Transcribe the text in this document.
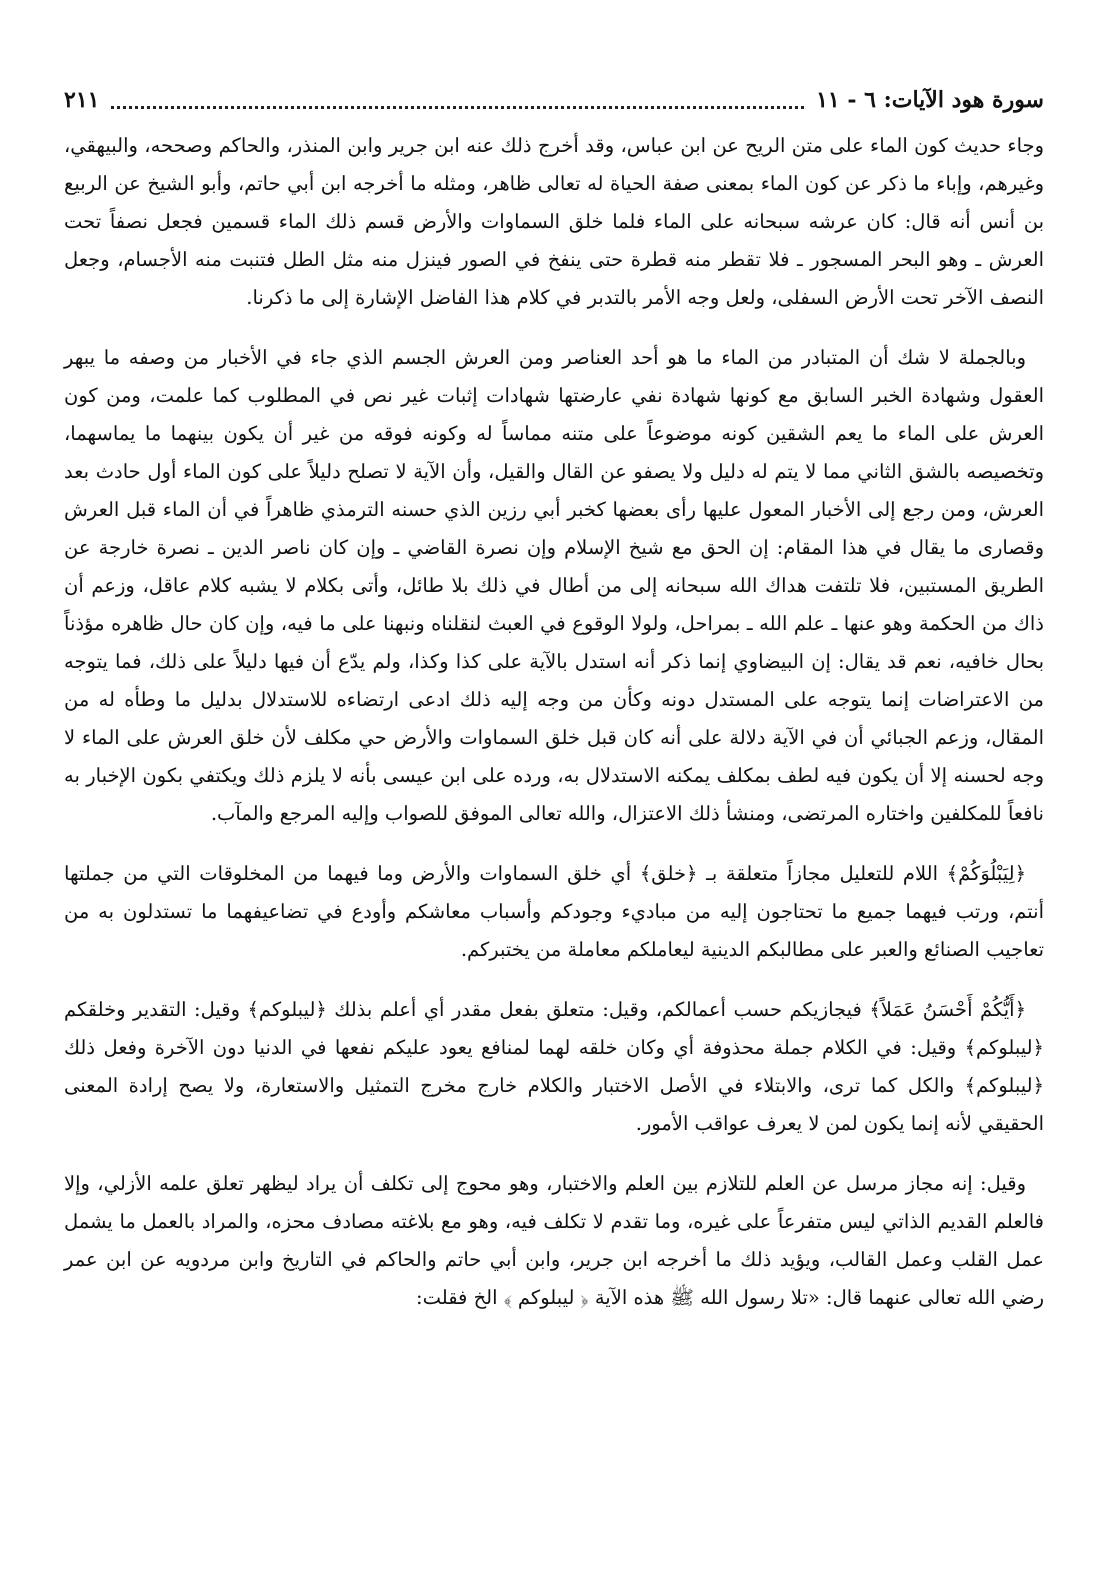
سورة هود الآيات: ٦ - ١١
٢١١

وجاء حديث كون الماء على متن الريح عن ابن عباس، وقد أخرج ذلك عنه ابن جرير وابن المنذر، والحاكم وصححه، والبيهقي، وغيرهم، وإباء ما ذكر عن كون الماء بمعنى صفة الحياة له تعالى ظاهر، ومثله ما أخرجه ابن أبي حاتم، وأبو الشيخ عن الربيع بن أنس أنه قال: كان عرشه سبحانه على الماء فلما خلق السماوات والأرض قسم ذلك الماء قسمين فجعل نصفاً تحت العرش ـ وهو البحر المسجور ـ فلا تقطر منه قطرة حتى ينفخ في الصور فينزل منه مثل الطل فتنبت منه الأجسام، وجعل النصف الآخر تحت الأرض السفلى، ولعل وجه الأمر بالتدبر في كلام هذا الفاضل الإشارة إلى ما ذكرنا.

وبالجملة لا شك أن المتبادر من الماء ما هو أحد العناصر ومن العرش الجسم الذي جاء في الأخبار من وصفه ما يبهر العقول وشهادة الخبر السابق مع كونها شهادة نفي عارضتها شهادات إثبات غير نص في المطلوب كما علمت، ومن كون العرش على الماء ما يعم الشقين كونه موضوعاً على متنه مماساً له وكونه فوقه من غير أن يكون بينهما ما يماسهما، وتخصيصه بالشق الثاني مما لا يتم له دليل ولا يصفو عن القال والقيل، وأن الآية لا تصلح دليلاً على كون الماء أول حادث بعد العرش، ومن رجع إلى الأخبار المعول عليها رأى بعضها كخبر أبي رزين الذي حسنه الترمذي ظاهراً في أن الماء قبل العرش وقصارى ما يقال في هذا المقام: إن الحق مع شيخ الإسلام وإن نصرة القاضي ـ وإن كان ناصر الدين ـ نصرة خارجة عن الطريق المستبين، فلا تلتفت هداك الله سبحانه إلى من أطال في ذلك بلا طائل، وأتى بكلام لا يشبه كلام عاقل، وزعم أن ذاك من الحكمة وهو عنها ـ علم الله ـ بمراحل، ولولا الوقوع في العبث لنقلناه ونبهنا على ما فيه، وإن كان حال ظاهره مؤذناً بحال خافيه، نعم قد يقال: إن البيضاوي إنما ذكر أنه استدل بالآية على كذا وكذا، ولم يدّع أن فيها دليلاً على ذلك، فما يتوجه من الاعتراضات إنما يتوجه على المستدل دونه وكأن من وجه إليه ذلك ادعى ارتضاءه للاستدلال بدليل ما وطأه له من المقال، وزعم الجبائي أن في الآية دلالة على أنه كان قبل خلق السماوات والأرض حي مكلف لأن خلق العرش على الماء لا وجه لحسنه إلا أن يكون فيه لطف بمكلف يمكنه الاستدلال به، ورده على ابن عيسى بأنه لا يلزم ذلك ويكتفي بكون الإخبار به نافعاً للمكلفين واختاره المرتضى، ومنشأ ذلك الاعتزال، والله تعالى الموفق للصواب وإليه المرجع والمآب.

﴿لِيَبْلُوَكُمْ﴾ اللام للتعليل مجازاً متعلقة بـ ﴿خلق﴾ أي خلق السماوات والأرض وما فيهما من المخلوقات التي من جملتها أنتم، ورتب فيهما جميع ما تحتاجون إليه من مباديء وجودكم وأسباب معاشكم وأودع في تضاعيفهما ما تستدلون به من تعاجيب الصنائع والعبر على مطالبكم الدينية ليعاملكم معاملة من يختبركم.

﴿أَيُّكُمْ أَحْسَنُ عَمَلاً﴾ فيجازيكم حسب أعمالكم، وقيل: متعلق بفعل مقدر أي أعلم بذلك ﴿ليبلوكم﴾ وقيل: التقدير وخلقكم ﴿ليبلوكم﴾ وقيل: في الكلام جملة محذوفة أي وكان خلقه لهما لمنافع يعود عليكم نفعها في الدنيا دون الآخرة وفعل ذلك ﴿ليبلوكم﴾ والكل كما ترى، والابتلاء في الأصل الاختبار والكلام خارج مخرج التمثيل والاستعارة، ولا يصح إرادة المعنى الحقيقي لأنه إنما يكون لمن لا يعرف عواقب الأمور.

وقيل: إنه مجاز مرسل عن العلم للتلازم بين العلم والاختبار، وهو محوج إلى تكلف أن يراد ليظهر تعلق علمه الأزلي، وإلا فالعلم القديم الذاتي ليس متفرعاً على غيره، وما تقدم لا تكلف فيه، وهو مع بلاغته مصادف محزه، والمراد بالعمل ما يشمل عمل القلب وعمل القالب، ويؤيد ذلك ما أخرجه ابن جرير، وابن أبي حاتم والحاكم في التاريخ وابن مردويه عن ابن عمر رضي الله تعالى عنهما قال: «تلا رسول الله ﷺ هذه الآية ﴿ ليبلوكم ﴾ الخ فقلت:
